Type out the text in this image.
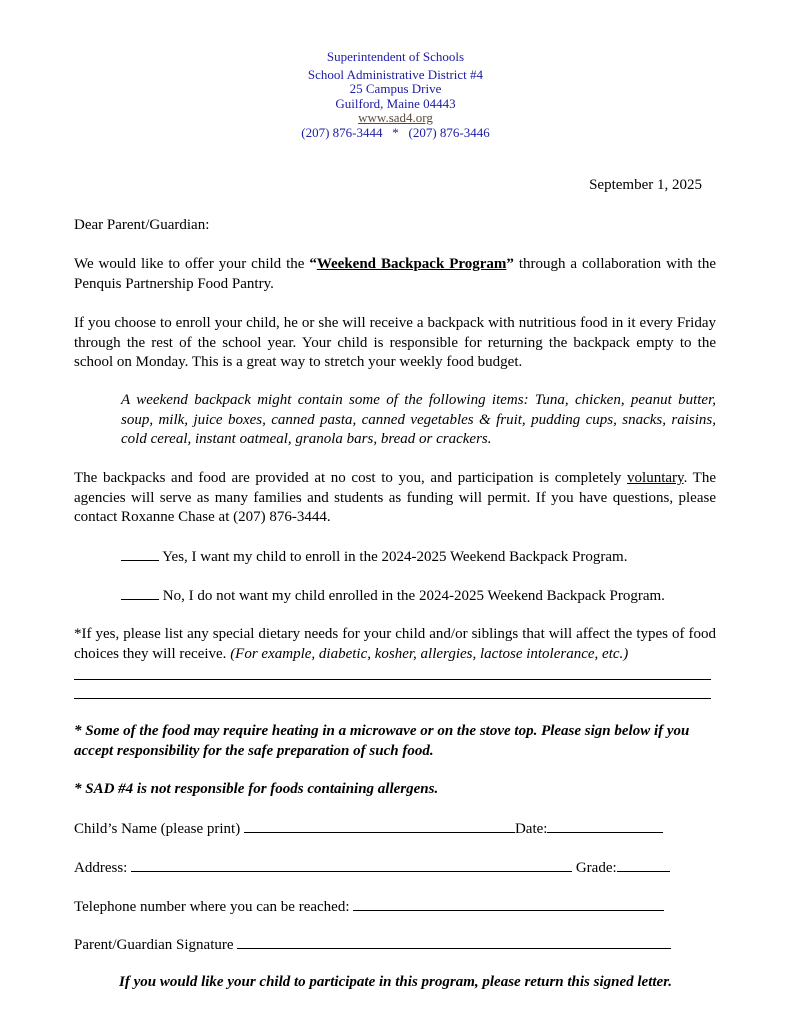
Superintendent of Schools
School Administrative District #4
25 Campus Drive
Guilford, Maine 04443
www.sad4.org
(207) 876-3444 * (207) 876-3446
September 1, 2025
Dear Parent/Guardian:
We would like to offer your child the “Weekend Backpack Program” through a collaboration with the Penquis Partnership Food Pantry.
If you choose to enroll your child, he or she will receive a backpack with nutritious food in it every Friday through the rest of the school year. Your child is responsible for returning the backpack empty to the school on Monday. This is a great way to stretch your weekly food budget.
A weekend backpack might contain some of the following items: Tuna, chicken, peanut butter, soup, milk, juice boxes, canned pasta, canned vegetables & fruit, pudding cups, snacks, raisins, cold cereal, instant oatmeal, granola bars, bread or crackers.
The backpacks and food are provided at no cost to you, and participation is completely voluntary. The agencies will serve as many families and students as funding will permit. If you have questions, please contact Roxanne Chase at (207) 876-3444.
Yes, I want my child to enroll in the 2024-2025 Weekend Backpack Program.
No, I do not want my child enrolled in the 2024-2025 Weekend Backpack Program.
*If yes, please list any special dietary needs for your child and/or siblings that will affect the types of food choices they will receive. (For example, diabetic, kosher, allergies, lactose intolerance, etc.)
* Some of the food may require heating in a microwave or on the stove top. Please sign below if you accept responsibility for the safe preparation of such food.
* SAD #4 is not responsible for foods containing allergens.
Child’s Name (please print)	Date:
Address:	Grade:
Telephone number where you can be reached:
Parent/Guardian Signature
If you would like your child to participate in this program, please return this signed letter.
